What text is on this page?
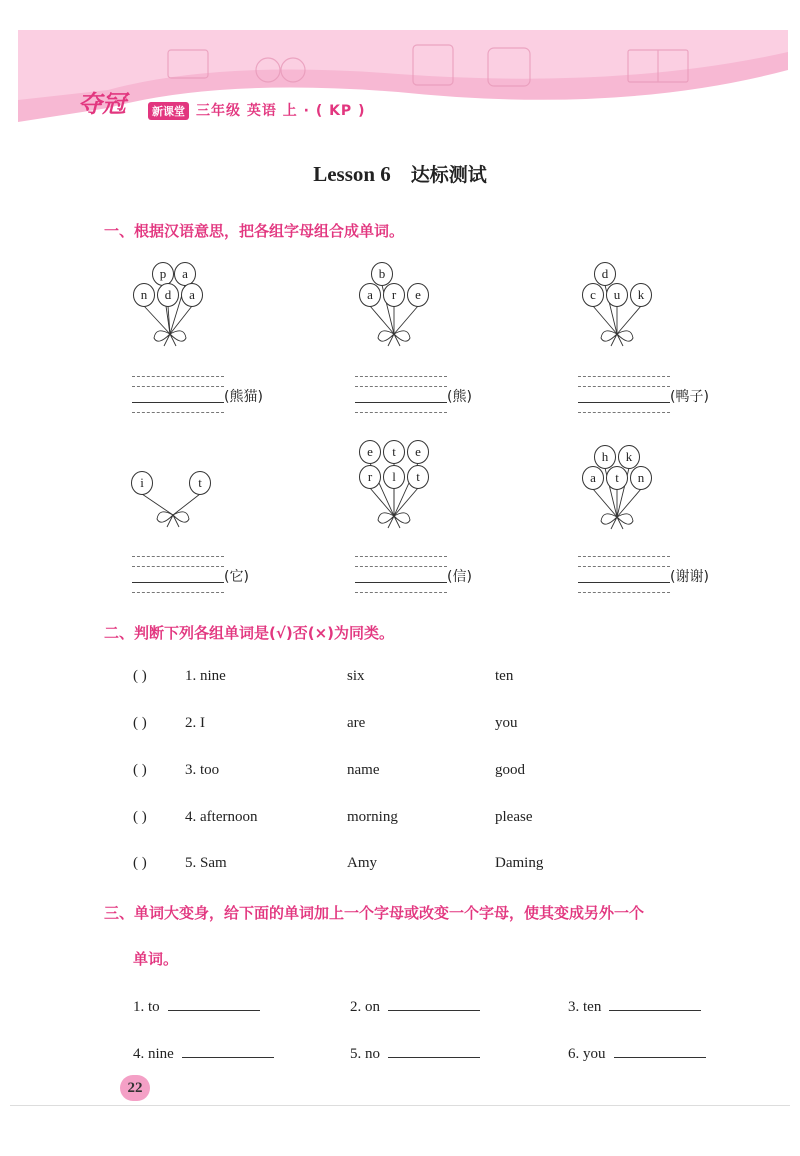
夺冠	新课堂 三年级 英语 上 · ( KP )
Lesson 6 达标测试
一、根据汉语意思，把各组字母组合成单词。
p a
n d a
b
a r e
d
c u k
i	t
e t e
r l t
h k
a t n
(熊猫)	(熊)	(鸭子)
(它)	(信)	(谢谢)
二、判断下列各组单词是(√)否(×)为同类。
( )	1. nine	six	ten
( )	2. I	are	you
( )	3. too	name	good
( )	4. afternoon	morning	please
( )	5. Sam	Amy	Daming
三、单词大变身，给下面的单词加上一个字母或改变一个字母，使其变成另外一个
单词。
1. to	2. on	3. ten
4. nine	5. no	6. you
22
